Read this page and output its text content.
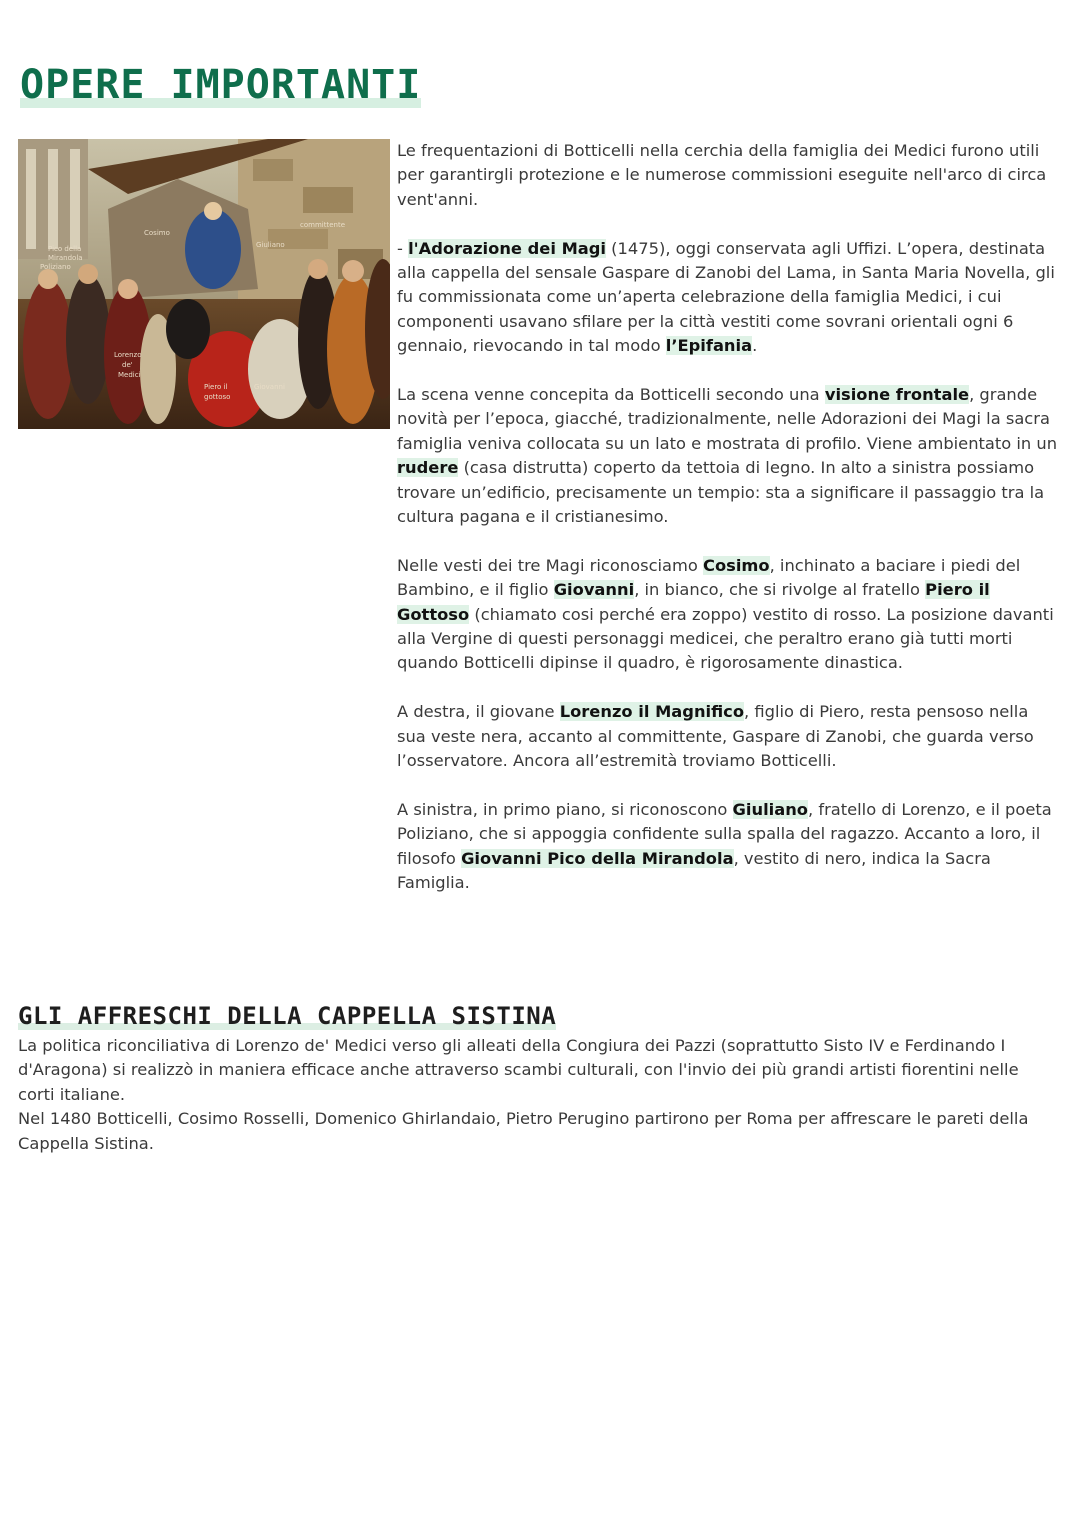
OPERE IMPORTANTI
Cosimo
committente
Giuliano
Pico della
Mirandola
Poliziano
Lorenzo
de'
Medici
Piero il
gottoso
Giovanni

Le frequentazioni di Botticelli nella cerchia della famiglia dei Medici furono utili per garantirgli protezione e le numerose commissioni eseguite nell'arco di circa vent'anni.

- l'Adorazione dei Magi (1475), oggi conservata agli Uffizi. L’opera, destinata alla cappella del sensale Gaspare di Zanobi del Lama, in Santa Maria Novella, gli fu commissionata come un’aperta celebrazione della famiglia Medici, i cui componenti usavano sfilare per la città vestiti come sovrani orientali ogni 6 gennaio, rievocando in tal modo l’Epifania.

La scena venne concepita da Botticelli secondo una visione frontale, grande novità per l’epoca, giacché, tradizionalmente, nelle Adorazioni dei Magi la sacra famiglia veniva collocata su un lato e mostrata di profilo. Viene ambientato in un rudere (casa distrutta) coperto da tettoia di legno. In alto a sinistra possiamo trovare un’edificio, precisamente un tempio: sta a significare il passaggio tra la cultura pagana e il cristianesimo.

Nelle vesti dei tre Magi riconosciamo Cosimo, inchinato a baciare i piedi del Bambino, e il figlio Giovanni, in bianco, che si rivolge al fratello Piero il Gottoso (chiamato cosi perché era zoppo) vestito di rosso. La posizione davanti alla Vergine di questi personaggi medicei, che peraltro erano già tutti morti quando Botticelli dipinse il quadro, è rigorosamente dinastica.

A destra, il giovane Lorenzo il Magnifico, figlio di Piero, resta pensoso nella sua veste nera, accanto al committente, Gaspare di Zanobi, che guarda verso l’osservatore. Ancora all’estremità troviamo Botticelli.

A sinistra, in primo piano, si riconoscono Giuliano, fratello di Lorenzo, e il poeta Poliziano, che si appoggia confidente sulla spalla del ragazzo. Accanto a loro, il filosofo Giovanni Pico della Mirandola, vestito di nero, indica la Sacra Famiglia.

GLI AFFRESCHI DELLA CAPPELLA SISTINA

La politica riconciliativa di Lorenzo de' Medici verso gli alleati della Congiura dei Pazzi (soprattutto Sisto IV e Ferdinando I d'Aragona) si realizzò in maniera efficace anche attraverso scambi culturali, con l'invio dei più grandi artisti fiorentini nelle corti italiane.

Nel 1480 Botticelli, Cosimo Rosselli, Domenico Ghirlandaio, Pietro Perugino partirono per Roma per affrescare le pareti della Cappella Sistina.
